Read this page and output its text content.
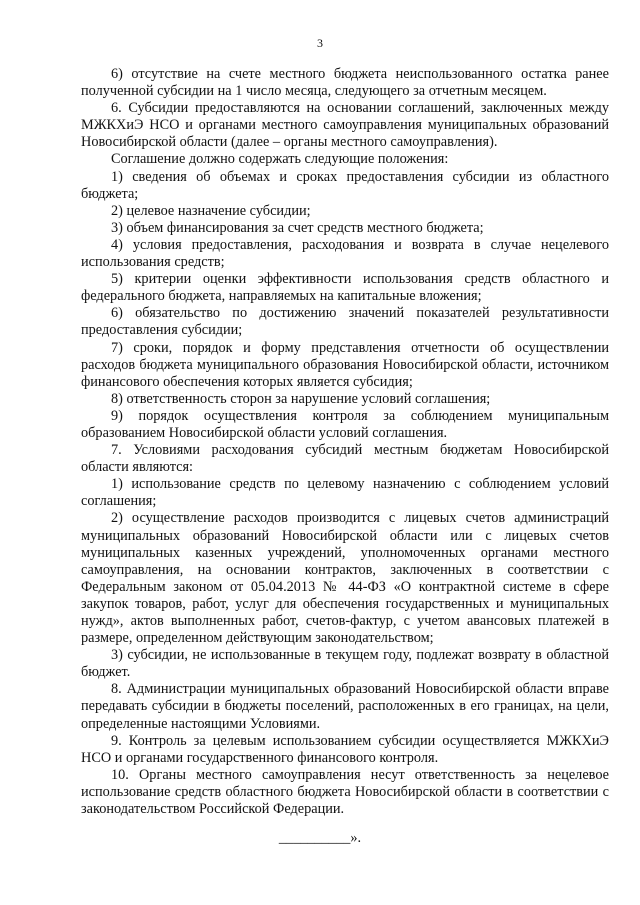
3

6) отсутствие на счете местного бюджета неиспользованного остатка ранее полученной субсидии на 1 число месяца, следующего за отчетным месяцем.

6. Субсидии предоставляются на основании соглашений, заключенных между МЖКХиЭ НСО и органами местного самоуправления муниципальных образований Новосибирской области (далее – органы местного самоуправления).

Соглашение должно содержать следующие положения:

1) сведения об объемах и сроках предоставления субсидии из областного бюджета;

2) целевое назначение субсидии;

3) объем финансирования за счет средств местного бюджета;

4) условия предоставления, расходования и возврата в случае нецелевого использования средств;

5) критерии оценки эффективности использования средств областного и федерального бюджета, направляемых на капитальные вложения;

6) обязательство по достижению значений показателей результативности предоставления субсидии;

7) сроки, порядок и форму представления отчетности об осуществлении расходов бюджета муниципального образования Новосибирской области, источником финансового обеспечения которых является субсидия;

8) ответственность сторон за нарушение условий соглашения;

9) порядок осуществления контроля за соблюдением муниципальным образованием Новосибирской области условий соглашения.

7. Условиями расходования субсидий местным бюджетам Новосибирской области являются:

1) использование средств по целевому назначению с соблюдением условий соглашения;

2) осуществление расходов производится с лицевых счетов администраций муниципальных образований Новосибирской области или с лицевых счетов муниципальных казенных учреждений, уполномоченных органами местного самоуправления, на основании контрактов, заключенных в соответствии с Федеральным законом от 05.04.2013 № 44-ФЗ «О контрактной системе в сфере закупок товаров, работ, услуг для обеспечения государственных и муниципальных нужд», актов выполненных работ, счетов-фактур, с учетом авансовых платежей в размере, определенном действующим законодательством;

3) субсидии, не использованные в текущем году, подлежат возврату в областной бюджет.

8. Администрации муниципальных образований Новосибирской области вправе передавать субсидии в бюджеты поселений, расположенных в его границах, на цели, определенные настоящими Условиями.

9. Контроль за целевым использованием субсидии осуществляется МЖКХиЭ НСО и органами государственного финансового контроля.

10. Органы местного самоуправления несут ответственность за нецелевое использование средств областного бюджета Новосибирской области в соответствии с законодательством Российской Федерации.

__________».
